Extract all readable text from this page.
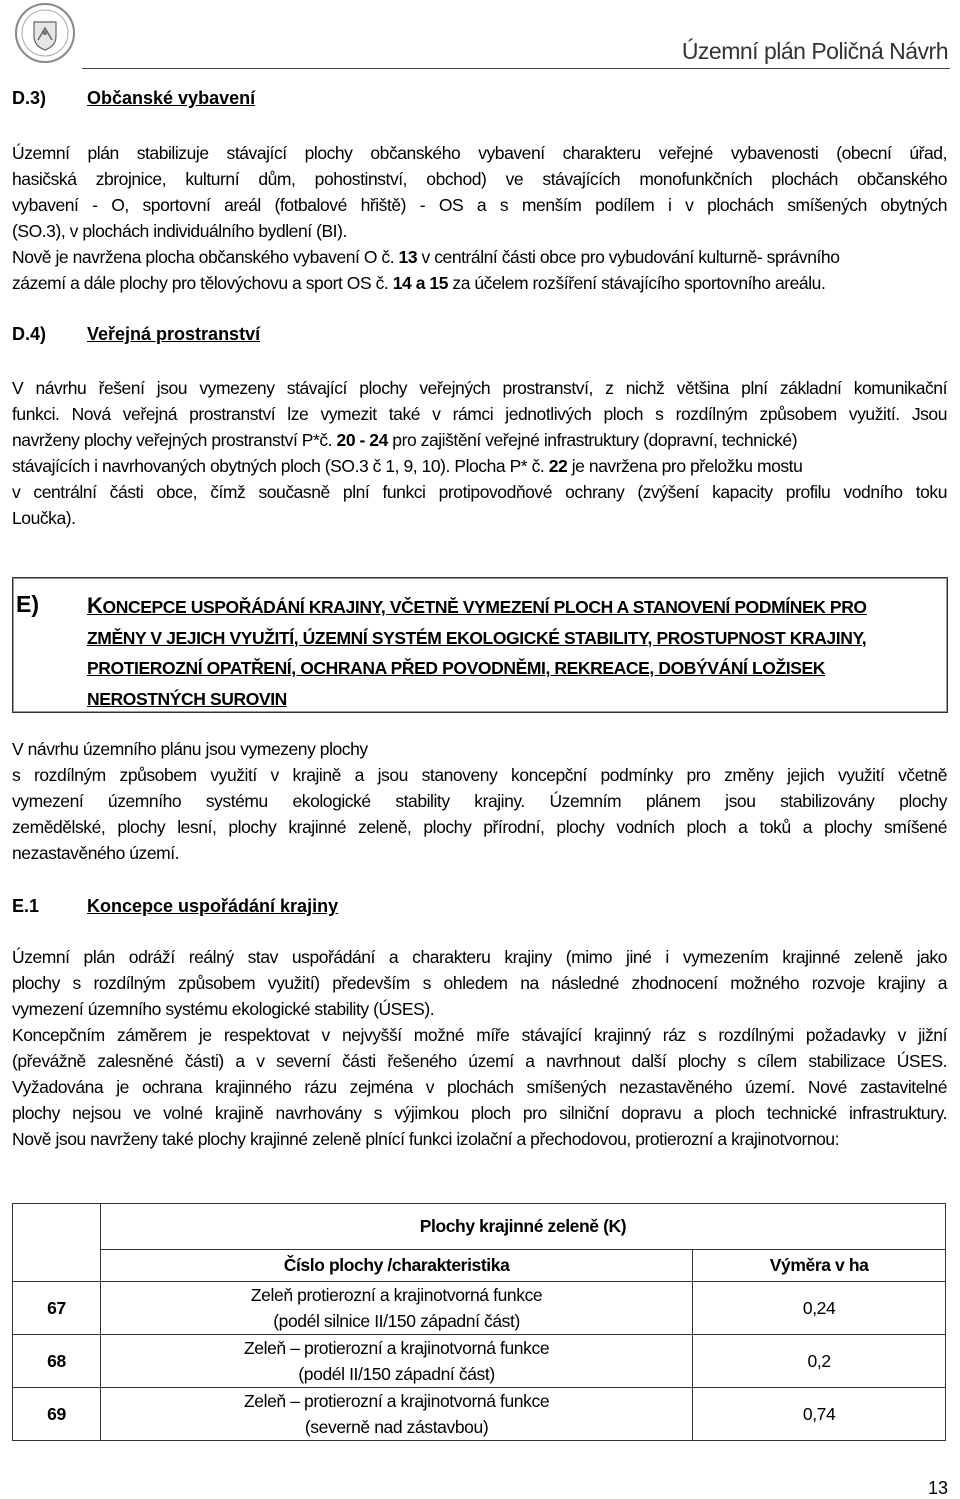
Územní plán Poličná Návrh
D.3) Občanské vybavení
Územní plán stabilizuje stávající plochy občanského vybavení charakteru veřejné vybavenosti (obecní úřad,
hasičská zbrojnice, kulturní dům, pohostinství, obchod) ve stávajících monofunkčních plochách občanského
vybavení - O, sportovní areál (fotbalové hřiště) - OS a s menším podílem i v plochách smíšených obytných
(SO.3), v plochách individuálního bydlení (BI).
Nově je navržena plocha občanského vybavení O č. 13 v centrální části obce pro vybudování kulturně- správního
zázemí a dále plochy pro tělovýchovu a sport OS č. 14 a 15 za účelem rozšíření stávajícího sportovního areálu.
D.4) Veřejná prostranství
V návrhu řešení jsou vymezeny stávající plochy veřejných prostranství, z nichž většina plní základní komunikační
funkci. Nová veřejná prostranství lze vymezit také v rámci jednotlivých ploch s rozdílným způsobem využití. Jsou
navrženy plochy veřejných prostranství P*č. 20 - 24 pro zajištění veřejné infrastruktury (dopravní, technické)
stávajících i navrhovaných obytných ploch (SO.3 č 1, 9, 10). Plocha P* č. 22 je navržena pro přeložku mostu
v centrální části obce, čímž současně plní funkci protipovodňové ochrany (zvýšení kapacity profilu vodního toku
Loučka).
E) KONCEPCE USPOŘÁDÁNÍ KRAJINY, VČETNĚ VYMEZENÍ PLOCH A STANOVENÍ PODMÍNEK PRO
ZMĚNY V JEJICH VYUŽITÍ, ÚZEMNÍ SYSTÉM EKOLOGICKÉ STABILITY, PROSTUPNOST KRAJINY,
PROTIEROZNÍ OPATŘENÍ, OCHRANA PŘED POVODNĚMI, REKREACE, DOBÝVÁNÍ LOŽISEK
NEROSTNÝCH SUROVIN
V návrhu územního plánu jsou vymezeny plochy
s rozdílným způsobem využití v krajině a jsou stanoveny koncepční podmínky pro změny jejich využití včetně
vymezení územního systému ekologické stability krajiny. Územním plánem jsou stabilizovány plochy
zemědělské, plochy lesní, plochy krajinné zeleně, plochy přírodní, plochy vodních ploch a toků a plochy smíšené
nezastavěného území.
E.1	Koncepce uspořádání krajiny
Územní plán odráží reálný stav uspořádání a charakteru krajiny (mimo jiné i vymezením krajinné zeleně jako
plochy s rozdílným způsobem využití) především s ohledem na následné zhodnocení možného rozvoje krajiny a
vymezení územního systému ekologické stability (ÚSES).
Koncepčním záměrem je respektovat v nejvyšší možné míře stávající krajinný ráz s rozdílnými požadavky v jižní
(převážně zalesněné části) a v severní části řešeného území a navrhnout další plochy s cílem stabilizace ÚSES.
Vyžadována je ochrana krajinného rázu zejména v plochách smíšených nezastavěného území. Nové zastavitelné
plochy nejsou ve volné krajině navrhovány s výjimkou ploch pro silniční dopravu a ploch technické infrastruktury.
Nově jsou navrženy také plochy krajinné zeleně plnící funkci izolační a přechodovou, protierozní a krajinotvornou:
	Plochy krajinné zeleně (K)	
	Číslo plochy /charakteristika	Výměra v ha
67	Zeleň protierozní a krajinotvorná funkce
(podél silnice II/150 západní část)	0,24
68	Zeleň – protierozní a krajinotvorná funkce
(podél II/150 západní část)	0,2
69	Zeleň – protierozní a krajinotvorná funkce
(severně nad zástavbou)	0,74
13
